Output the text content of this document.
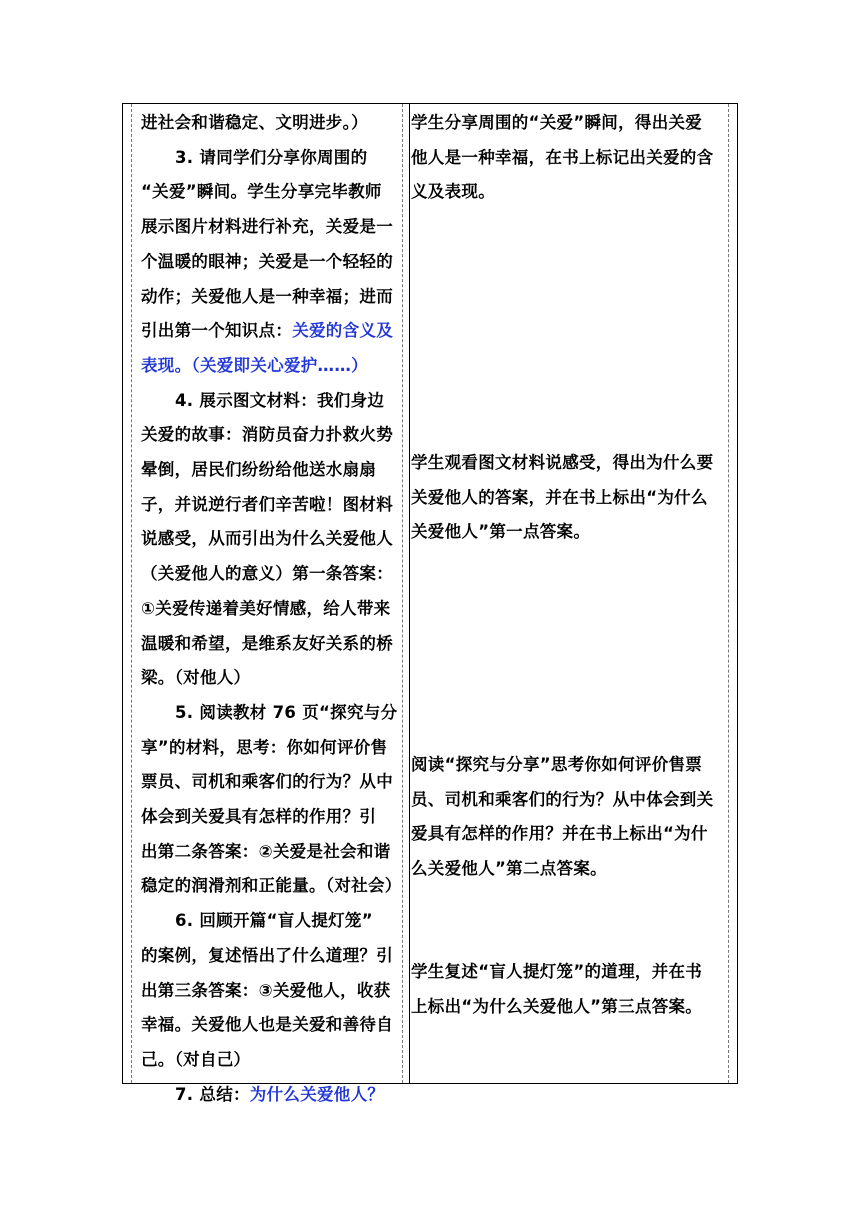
进社会和谐稳定、文明进步。）
3. 请同学们分享你周围的
“关爱”瞬间。学生分享完毕教师
展示图片材料进行补充，关爱是一
个温暖的眼神；关爱是一个轻轻的
动作；关爱他人是一种幸福；进而
引出第一个知识点：关爱的含义及
表现。（关爱即关心爱护……）
4. 展示图文材料：我们身边
关爱的故事：消防员奋力扑救火势
晕倒，居民们纷纷给他送水扇扇
子，并说逆行者们辛苦啦！图材料
说感受，从而引出为什么关爱他人
（关爱他人的意义）第一条答案：
①关爱传递着美好情感，给人带来
温暖和希望，是维系友好关系的桥
梁。（对他人）
5. 阅读教材 76 页“探究与分
享”的材料，思考：你如何评价售
票员、司机和乘客们的行为？从中
体会到关爱具有怎样的作用？引
出第二条答案：②关爱是社会和谐
稳定的润滑剂和正能量。（对社会）
6. 回顾开篇“盲人提灯笼”
的案例，复述悟出了什么道理？引
出第三条答案：③关爱他人，收获
幸福。关爱他人也是关爱和善待自
己。（对自己）
7. 总结：为什么关爱他人？
学生分享周围的“关爱”瞬间，得出关爱
他人是一种幸福，在书上标记出关爱的含
义及表现。
学生观看图文材料说感受，得出为什么要
关爱他人的答案，并在书上标出“为什么
关爱他人”第一点答案。
阅读“探究与分享”思考你如何评价售票
员、司机和乘客们的行为？从中体会到关
爱具有怎样的作用？并在书上标出“为什
么关爱他人”第二点答案。
学生复述“盲人提灯笼”的道理，并在书
上标出“为什么关爱他人”第三点答案。
